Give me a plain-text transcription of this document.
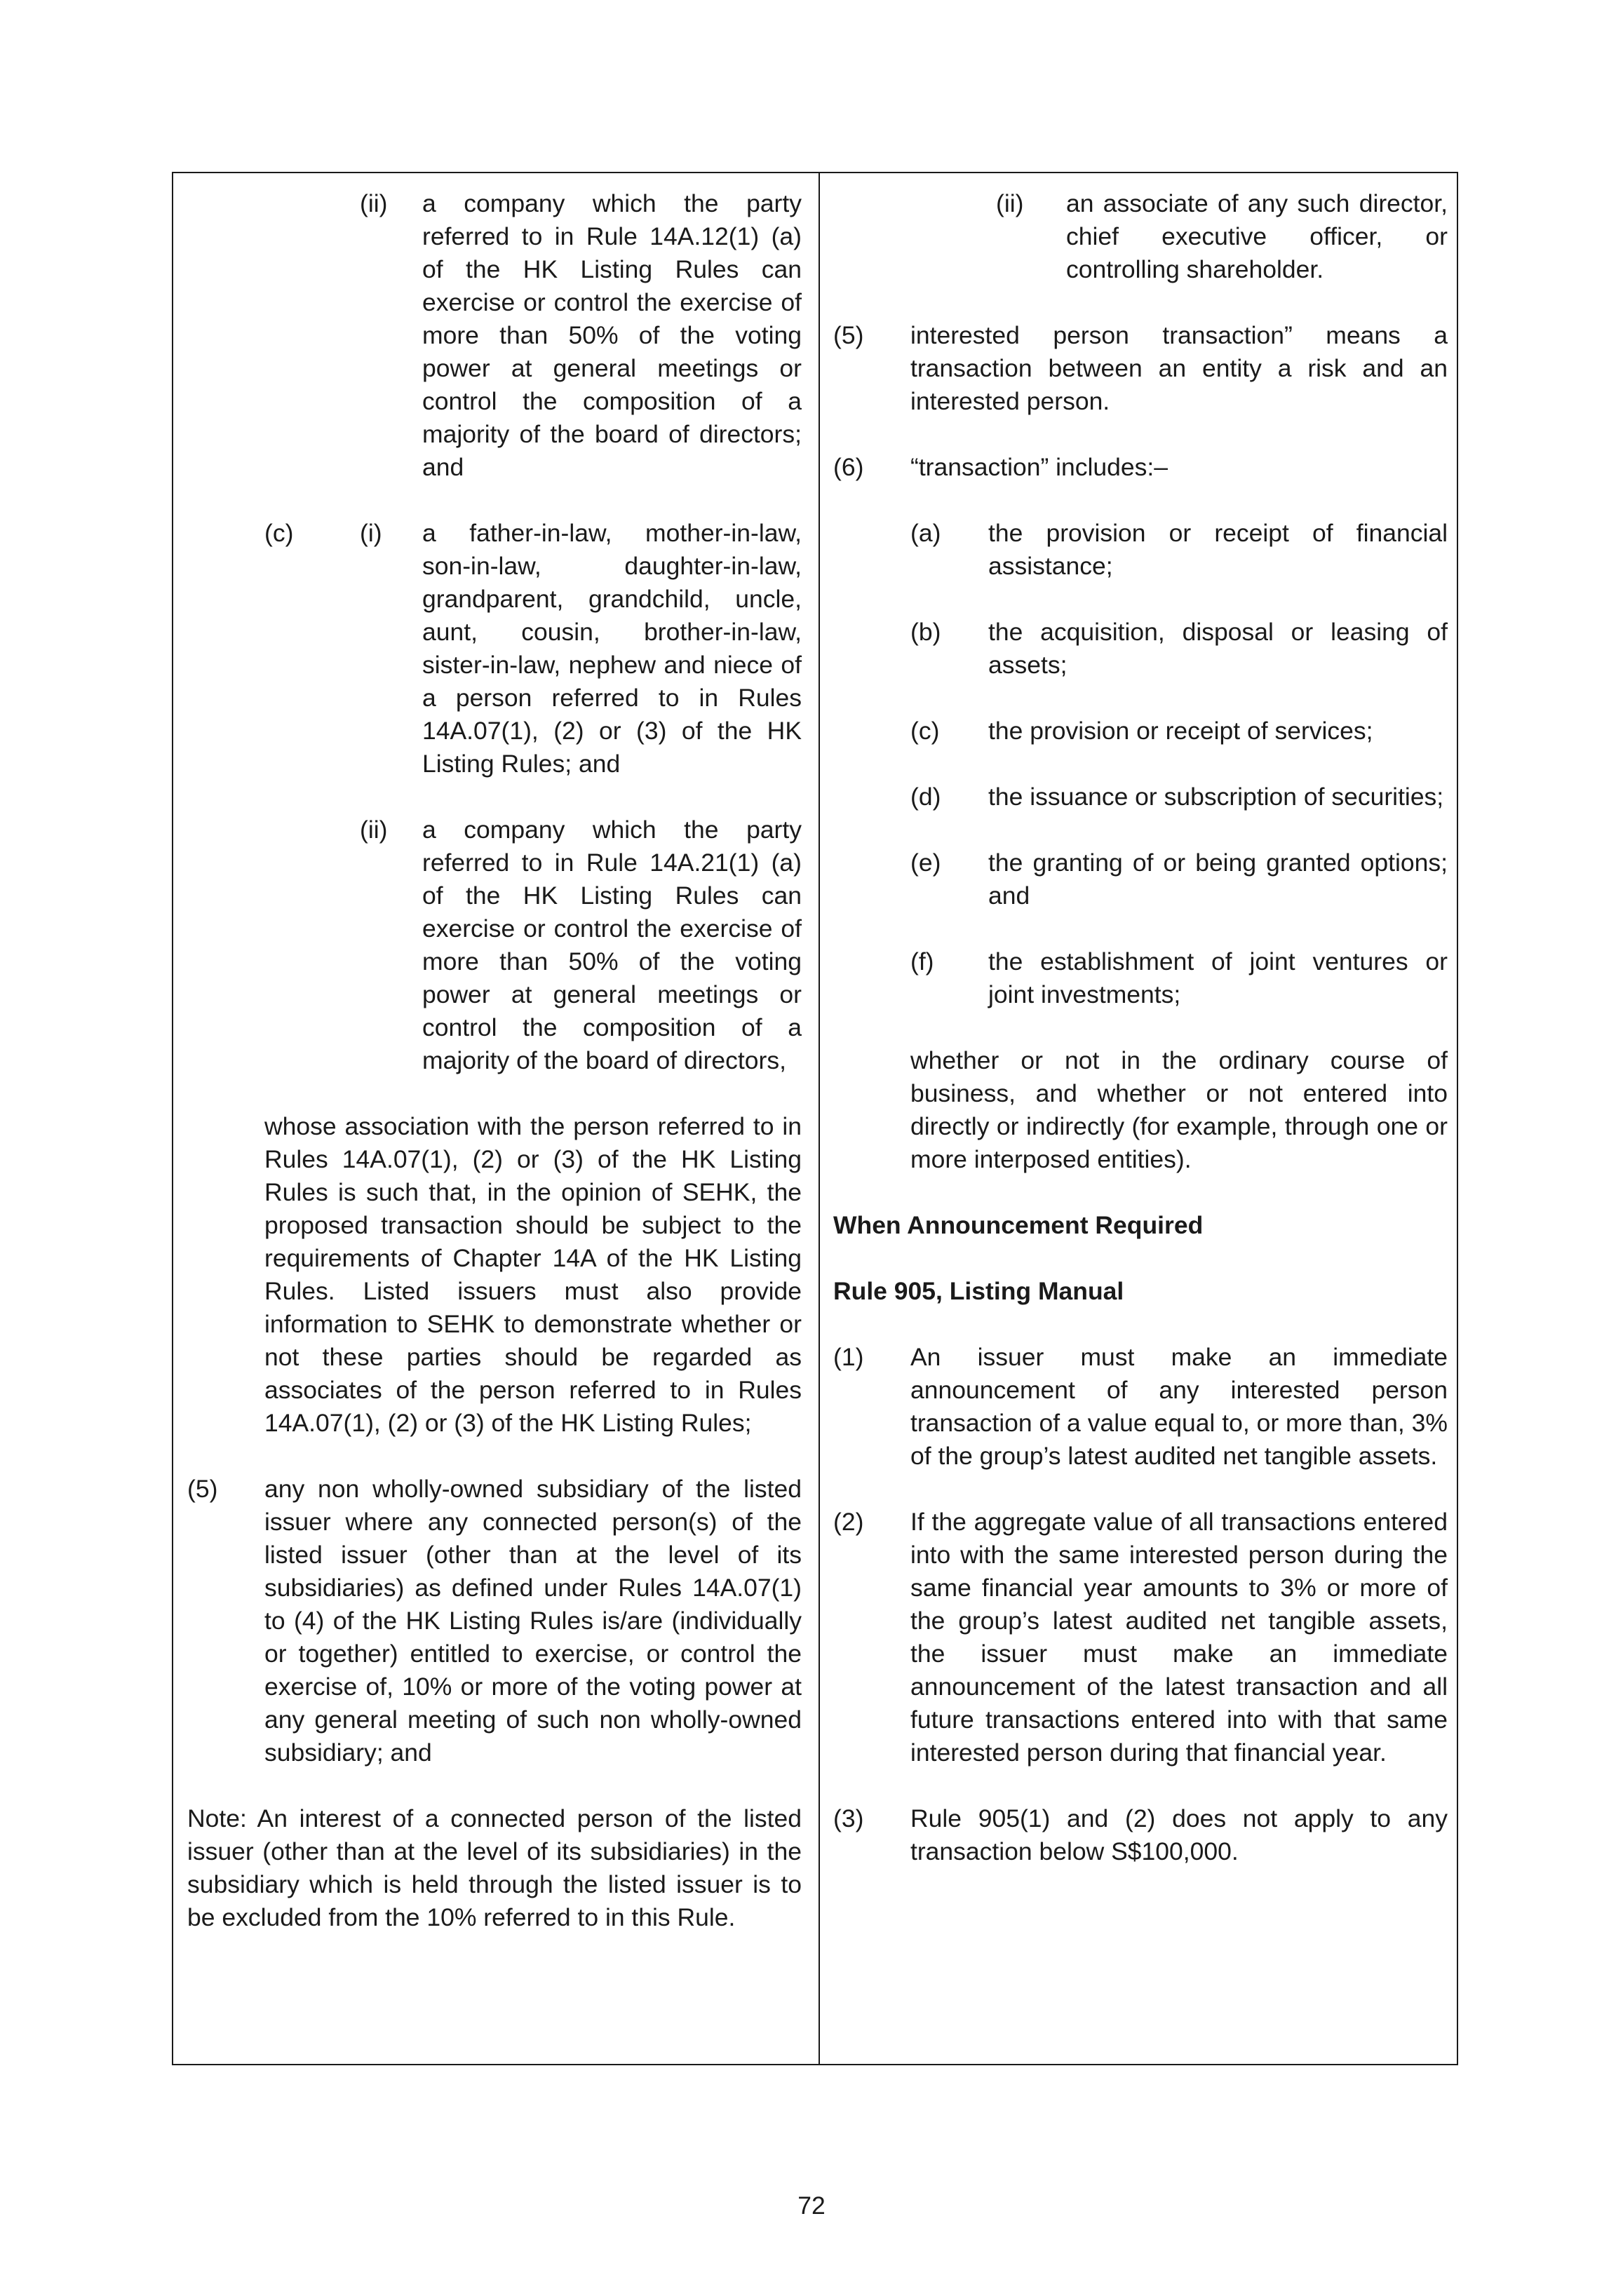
(ii) a company which the party referred to in Rule 14A.12(1) (a) of the HK Listing Rules can exercise or control the exercise of more than 50% of the voting power at general meetings or control the composition of a majority of the board of directors; and
(c)	(i) a father-in-law, mother-in-law, son-in-law, daughter-in-law, grandparent, grandchild, uncle, aunt, cousin, brother-in-law, sister-in-law, nephew and niece of a person referred to in Rules 14A.07(1), (2) or (3) of the HK Listing Rules; and
(ii) a company which the party referred to in Rule 14A.21(1) (a) of the HK Listing Rules can exercise or control the exercise of more than 50% of the voting power at general meetings or control the composition of a majority of the board of directors,
whose association with the person referred to in Rules 14A.07(1), (2) or (3) of the HK Listing Rules is such that, in the opinion of SEHK, the proposed transaction should be subject to the requirements of Chapter 14A of the HK Listing Rules. Listed issuers must also provide information to SEHK to demonstrate whether or not these parties should be regarded as associates of the person referred to in Rules 14A.07(1), (2) or (3) of the HK Listing Rules;
(5) any non wholly-owned subsidiary of the listed issuer where any connected person(s) of the listed issuer (other than at the level of its subsidiaries) as defined under Rules 14A.07(1) to (4) of the HK Listing Rules is/are (individually or together) entitled to exercise, or control the exercise of, 10% or more of the voting power at any general meeting of such non wholly-owned subsidiary; and
Note: An interest of a connected person of the listed issuer (other than at the level of its subsidiaries) in the subsidiary which is held through the listed issuer is to be excluded from the 10% referred to in this Rule.
(ii) an associate of any such director, chief executive officer, or controlling shareholder.
(5) interested person transaction” means a transaction between an entity a risk and an interested person.
(6) “transaction” includes:–
(a) the provision or receipt of financial assistance;
(b) the acquisition, disposal or leasing of assets;
(c) the provision or receipt of services;
(d) the issuance or subscription of securities;
(e) the granting of or being granted options; and
(f) the establishment of joint ventures or joint investments;
whether or not in the ordinary course of business, and whether or not entered into directly or indirectly (for example, through one or more interposed entities).
When Announcement Required
Rule 905, Listing Manual
(1) An issuer must make an immediate announcement of any interested person transaction of a value equal to, or more than, 3% of the group’s latest audited net tangible assets.
(2) If the aggregate value of all transactions entered into with the same interested person during the same financial year amounts to 3% or more of the group’s latest audited net tangible assets, the issuer must make an immediate announcement of the latest transaction and all future transactions entered into with that same interested person during that financial year.
(3) Rule 905(1) and (2) does not apply to any transaction below S$100,000.
72
